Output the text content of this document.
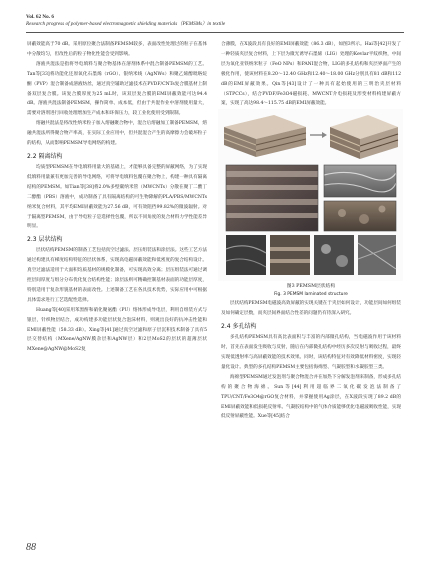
Vol. 62 No. 6
Research progress of polymer-based electromagnetic shielding materials（PEMSMs）in textile

屏蔽效能高于70 dB。采用原位聚合法制备PEMSM较多，表面改性处理过的粒子在基体中分散均匀，但改性后的粒子物化性能会受到影响。

溶液共混法是指将导电填料与聚合物基体在溶剂体系中混合制备PEMSM的工艺。Tan等[33]将功能化还原氧化石墨烯（rGO）、银纳米线（AgNWs）和聚乙烯醇吡咯烷酮（PVP）混合制备成溶液纺丝，通过真空辅助过滤技术在PVDF/CNTs复合膜基材上制备双层复合膜。该复合膜厚度为25 mL时，该双层复合膜的EMI屏蔽效能可达94.4 dB。溶液共混法制备PEMSM，操作简单、成本低，但由于共混作业中溶剂使用量大，需要对溶剂进行回收处理增加生产成本和环保压力，较工业化使用受到限制。

熔融共混法是将改性纳米粒子加入熔融聚合物中，混合后熔融加工制备PEMSM，熔融共混法所得聚合物产率高，在实际工业应用中，但共混混合产生的高摩擦力会破坏粒子的结构，从而影响PEMSM导电网络的构建。

2.2 隔离结构

均质型PEMSM在导电填料用量大的基础上，才能够具备完整的屏蔽网络，为了实现低填料用量兼有更加完善的导电网络，可将导电填料包覆在聚合物上，构建一种具有隔离结构的PEMSM。如Tian等[38]将2.0%多壁碳纳米管（MWCNTs）分散在聚丁二酸丁二醇酯（PBS）溶液中，成功制备了具有隔离结构的可生物降解的PLA/PBS/MWCNTs纳米复合材料，其平均EMI屏蔽效能为27.56 dB，可有效阻挡99.82%的微波辐射。对于隔离型PEMSM，由于导电粒子是选择性包覆，所以不同角度的复合材料力学性能差异明显。

2.3 层状结构

层状结构PEMSM的制备工艺包括真空过滤法、层压组装法和涂层法。这些工艺方法通过构建具有梯度结构特征的层状体系，实现高电磁屏蔽效能和低密度的复合结构设计。真空过滤法适用于大面积均质基材的规模化制备，可实现高效分离；层压组装法可通过调控层间厚度与组分分布优化复合结构性能；涂层法则可精确控制基材表面的功能层厚度，特别适用于复杂形貌基材的表面改性。上述制备工艺在各具技术优势，实际应用中可根据具体需求进行工艺选配性选择。

Huang等[40]采用苯黑酐和硝化聚氨酯（PU）熔体形成导电层，利用自组装方式与银层，针织物层结合，成功构建多功能层状复合泡沫材料，则观出良好的抗冲击性能和EMI屏蔽性能（58.33 dB）。Xing等[41]通过真空过滤和原子层沉积技术制备了具有5层交替结构（MXene/AgNW膜杂层和AgNW层）和2层MoS2的层状的超薄层状MXene@AgNW@MoS2复

合薄膜，在X波段具有良好的EMI屏蔽效能（86.3 dB），如图3所示。Hai等[42]开发了一种轻质夹层复合材料，上下层为微光诱导石墨烯（LIG）处理的Kevlar平纹织物，中间层为氧化亚铁纳米粒子（FeO NPs）和PANI混合物，LIG的多孔结构和夹层界面产生的极化作用，使该材料在8.20～12.40 GHz和12.40～18.00 GHz分别具有81 dB和112 dB的EMI屏蔽效果。Qin等[43]设计了一种具有起始使用的三明治夹层材料（STPCCs），结合PVDF/Fe3O4磁损耗、MWCNT介电损耗及形变材料构建屏蔽方案，实现了高达98.4～115.75 dB的EMI屏蔽效能。

图3 PEMSM层状结构
Fig. 3 PEMSM laminated structure

层状结构PEMSM电磁波高效屏蔽的实现关键在于夹层如何设计，功能层间如何组装及如何确定层数，而夹层间界面结合性差的问题仍有待深入研究。

2.4 多孔结构

多孔结构PEMSM具有高比表面积与丰富的内部微孔结构，当电磁波作用于该材料时，首先在表面发生吸收与反射，随后在内部微孔结构中经历多次反射与吸收过程，最终实现低透射率与高屏蔽效能的技术效果。同时，该结构特征对有效降低材料密度，实现轻量化设计。典型的多孔结构PEMSM主要包括海绵型、气凝胶型和水凝胶型三类。

海绵型PEMSM通过发泡剂与聚合物混合并在加热下分解发泡剂来制备，形成多孔结构的聚合物海绵。Sun等[44]利用超临界二氧化碳发泡法制备了TPU/CNT/Fe3O4@rGO复合材料，并掌握使用Ag涂层，在X波段实现了89.2 dB的EMI屏蔽效能和低损耗反射率。气凝胶结构中的气体介质能够优化电磁波吸收性能，实现低反射屏蔽性能。Xue等[45]结合

88
